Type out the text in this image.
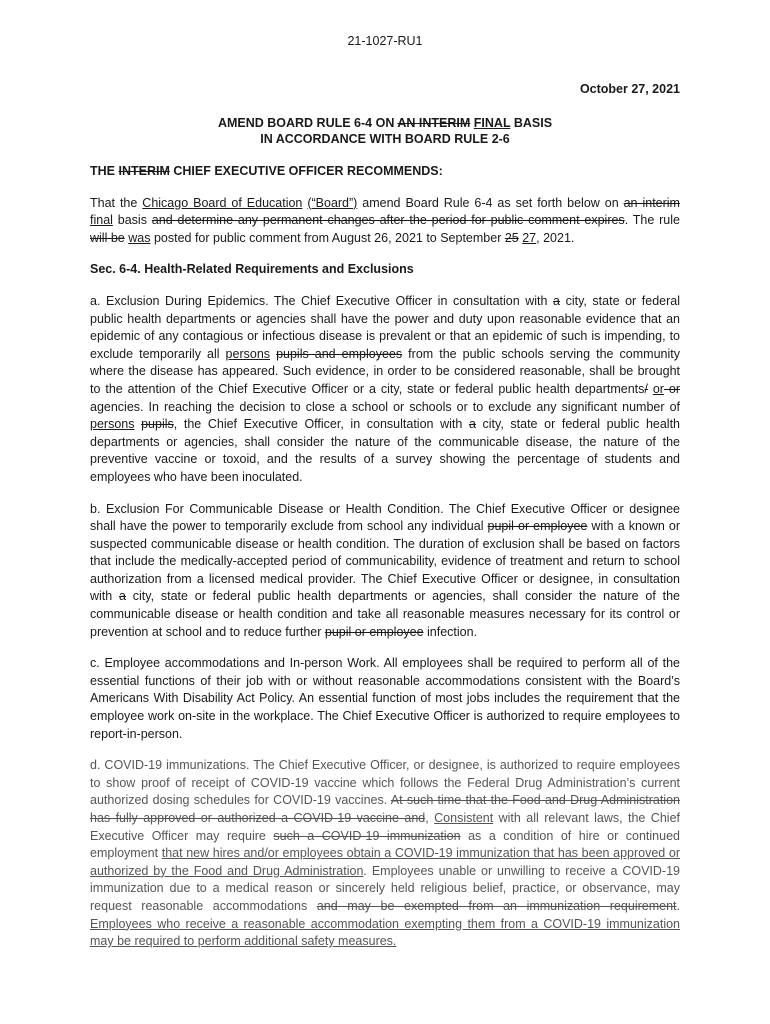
21-1027-RU1
October 27, 2021
AMEND BOARD RULE 6-4 ON AN INTERIM FINAL BASIS
IN ACCORDANCE WITH BOARD RULE 2-6

THE INTERIM CHIEF EXECUTIVE OFFICER RECOMMENDS:

That the Chicago Board of Education (“Board”) amend Board Rule 6-4 as set forth below on an interim final basis and determine any permanent changes after the period for public comment expires. The rule will be was posted for public comment from August 26, 2021 to September 25 27, 2021.

Sec. 6-4. Health-Related Requirements and Exclusions

a. Exclusion During Epidemics. The Chief Executive Officer in consultation with a city, state or federal public health departments or agencies shall have the power and duty upon reasonable evidence that an epidemic of any contagious or infectious disease is prevalent or that an epidemic of such is impending, to exclude temporarily all persons pupils and employees from the public schools serving the community where the disease has appeared. Such evidence, in order to be considered reasonable, shall be brought to the attention of the Chief Executive Officer or a city, state or federal public health departments/ or or agencies. In reaching the decision to close a school or schools or to exclude any significant number of persons pupils, the Chief Executive Officer, in consultation with a city, state or federal public health departments or agencies, shall consider the nature of the communicable disease, the nature of the preventive vaccine or toxoid, and the results of a survey showing the percentage of students and employees who have been inoculated.

b. Exclusion For Communicable Disease or Health Condition. The Chief Executive Officer or designee shall have the power to temporarily exclude from school any individual pupil or employee with a known or suspected communicable disease or health condition. The duration of exclusion shall be based on factors that include the medically-accepted period of communicability, evidence of treatment and return to school authorization from a licensed medical provider. The Chief Executive Officer or designee, in consultation with a city, state or federal public health departments or agencies, shall consider the nature of the communicable disease or health condition and take all reasonable measures necessary for its control or prevention at school and to reduce further pupil or employee infection.

c. Employee accommodations and In-person Work. All employees shall be required to perform all of the essential functions of their job with or without reasonable accommodations consistent with the Board’s Americans With Disability Act Policy. An essential function of most jobs includes the requirement that the employee work on-site in the workplace. The Chief Executive Officer is authorized to require employees to report-in-person.

d. COVID-19 immunizations. The Chief Executive Officer, or designee, is authorized to require employees to show proof of receipt of COVID-19 vaccine which follows the Federal Drug Administration’s current authorized dosing schedules for COVID-19 vaccines. At such time that the Food and Drug Administration has fully approved or authorized a COVID-19 vaccine and, Consistent with all relevant laws, the Chief Executive Officer may require such a COVID-19 immunization as a condition of hire or continued employment that new hires and/or employees obtain a COVID-19 immunization that has been approved or authorized by the Food and Drug Administration. Employees unable or unwilling to receive a COVID-19 immunization due to a medical reason or sincerely held religious belief, practice, or observance, may request reasonable accommodations and may be exempted from an immunization requirement. Employees who receive a reasonable accommodation exempting them from a COVID-19 immunization may be required to perform additional safety measures.
